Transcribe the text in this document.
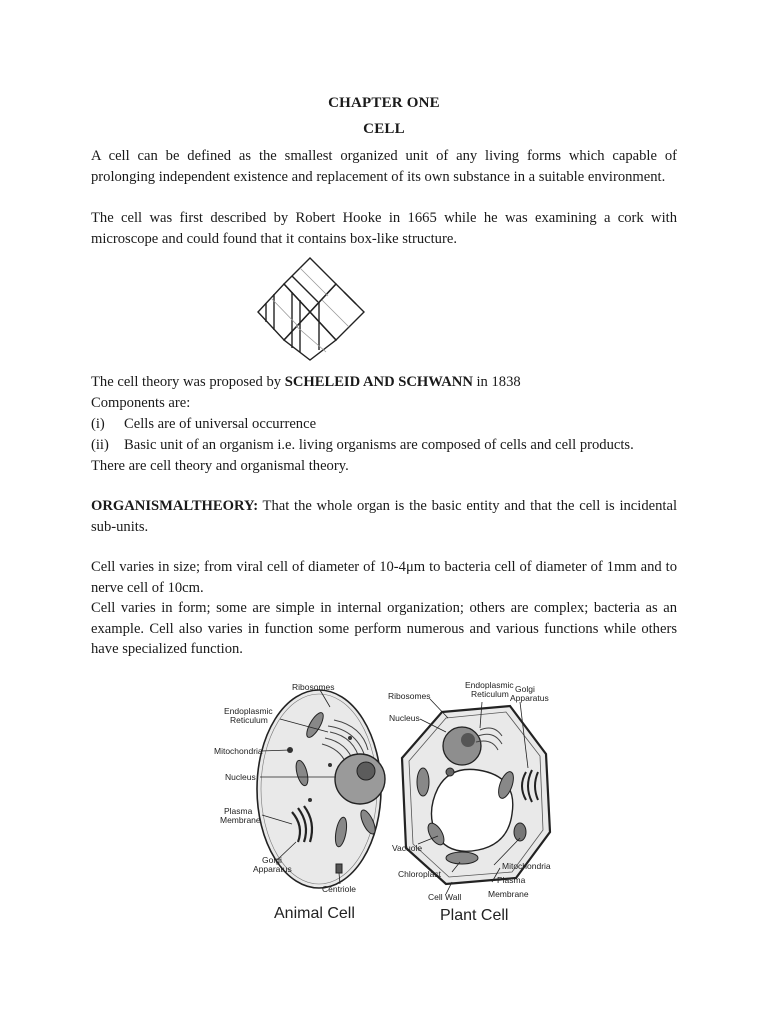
CHAPTER ONE
CELL

A cell can be defined as the smallest organized unit of any living forms which capable of prolonging independent existence and replacement of its own substance in a suitable environment.

The cell was first described by Robert Hooke in 1665 while he was examining a cork with microscope and could found that it contains box-like structure.

The cell theory was proposed by SCHELEID AND SCHWANN in 1838
Components are:
(i) Cells are of universal occurrence
(ii) Basic unit of an organism i.e. living organisms are composed of cells and cell products.
There are cell theory and organismal theory.

ORGANISMALTHEORY: That the whole organ is the basic entity and that the cell is incidental sub-units.

Cell varies in size; from viral cell of diameter of 10-4μm to bacteria cell of diameter of 1mm and to nerve cell of 10cm.

Cell varies in form; some are simple in internal organization; others are complex; bacteria as an example. Cell also varies in function some perform numerous and various functions while others have specialized function.

Ribosomes
Endoplasmic
Reticulum
Mitochondria
Nucleus
Plasma
Membrane
Golgi
Apparatus
Centriole
Animal Cell
Endoplasmic
Reticulum Golgi
Apparatus
Ribosomes
Nucleus
Vacuole
Chloroplast
Mitochondria
Plasma
Membrane
Cell Wall
Plant Cell
